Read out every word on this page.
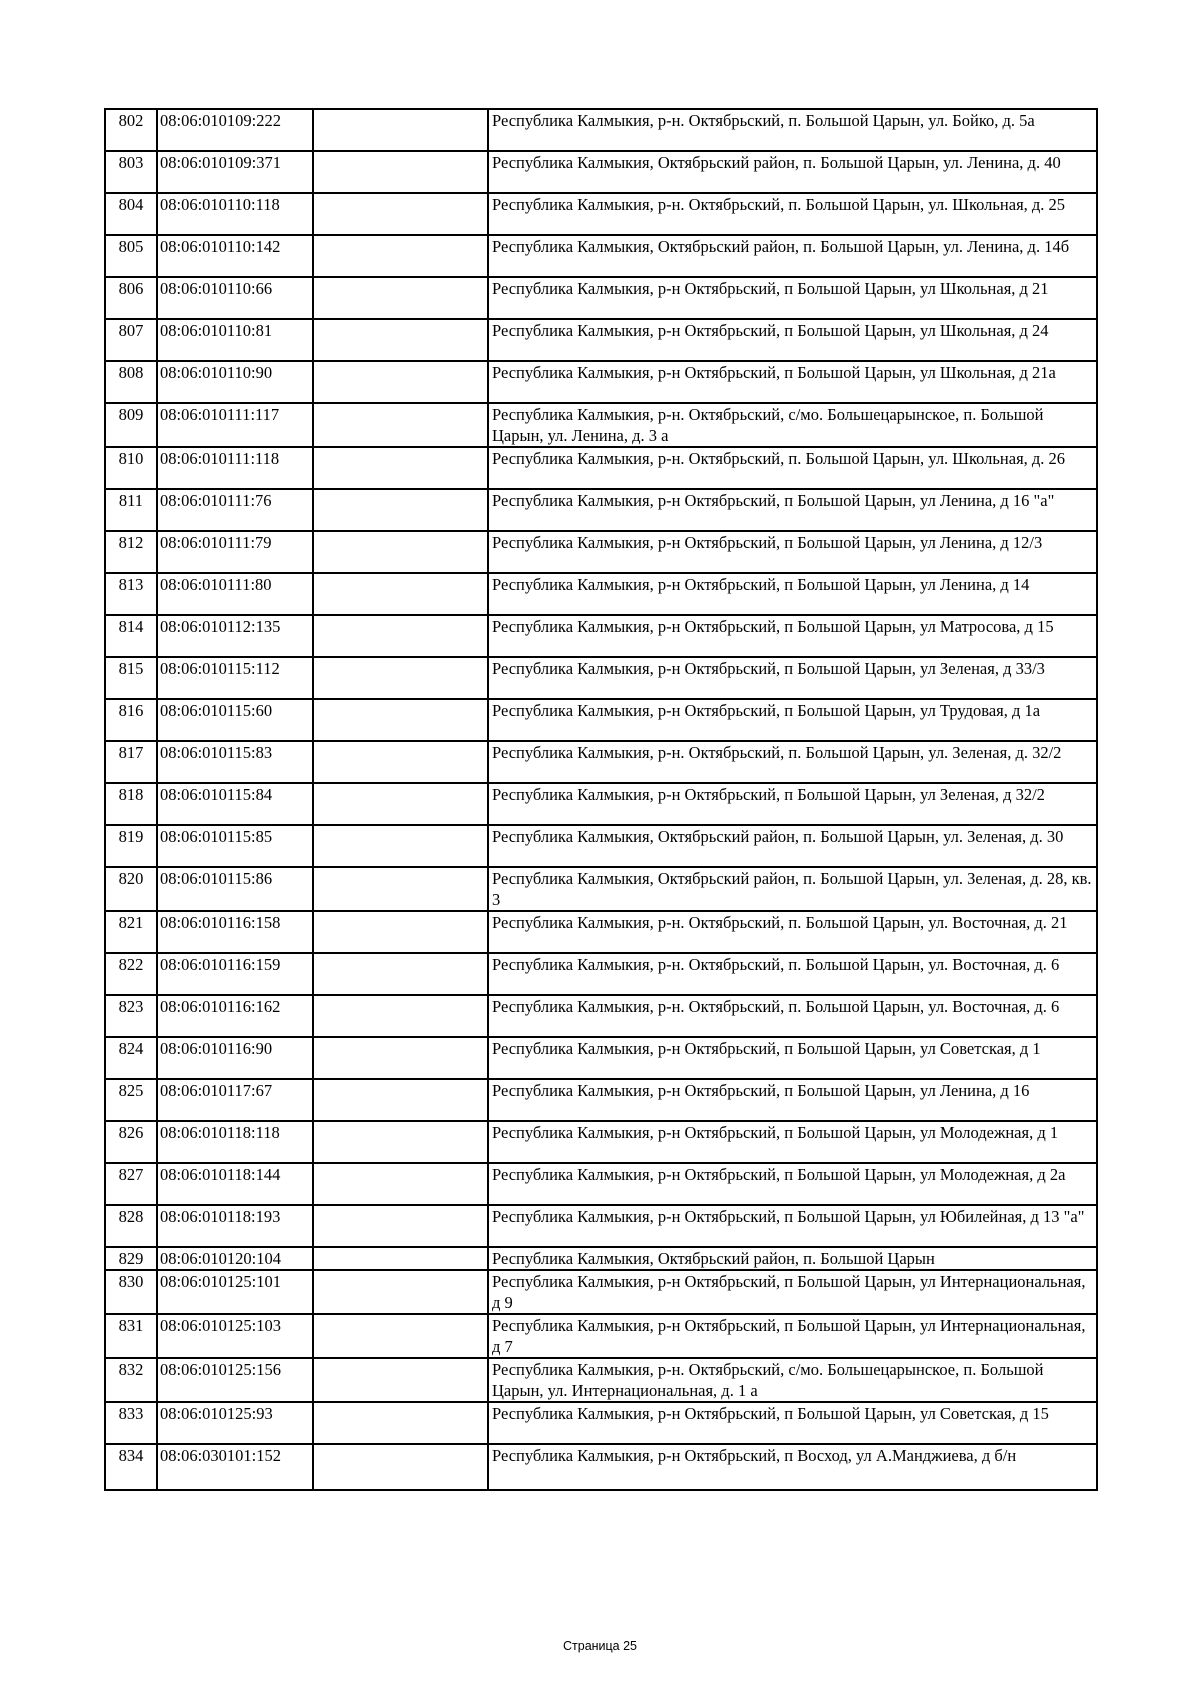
802	08:06:010109:222		Республика Калмыкия, р-н. Октябрьский, п. Большой Царын, ул. Бойко, д. 5а
803	08:06:010109:371		Республика Калмыкия, Октябрьский район, п. Большой Царын, ул. Ленина, д. 40
804	08:06:010110:118		Республика Калмыкия, р-н. Октябрьский, п. Большой Царын, ул. Школьная, д. 25
805	08:06:010110:142		Республика Калмыкия, Октябрьский район, п. Большой Царын, ул. Ленина, д. 14б
806	08:06:010110:66		Республика Калмыкия, р-н Октябрьский, п Большой Царын, ул Школьная, д 21
807	08:06:010110:81		Республика Калмыкия, р-н Октябрьский, п Большой Царын, ул Школьная, д 24
808	08:06:010110:90		Республика Калмыкия, р-н Октябрьский, п Большой Царын, ул Школьная, д 21а
809	08:06:010111:117		Республика Калмыкия, р-н. Октябрьский, с/мо. Большецарынское, п. Большой Царын, ул. Ленина, д. 3 а
810	08:06:010111:118		Республика Калмыкия, р-н. Октябрьский, п. Большой Царын, ул. Школьная, д. 26
811	08:06:010111:76		Республика Калмыкия, р-н Октябрьский, п Большой Царын, ул Ленина, д 16 "а"
812	08:06:010111:79		Республика Калмыкия, р-н Октябрьский, п Большой Царын, ул Ленина, д 12/3
813	08:06:010111:80		Республика Калмыкия, р-н Октябрьский, п Большой Царын, ул Ленина, д 14
814	08:06:010112:135		Республика Калмыкия, р-н Октябрьский, п Большой Царын, ул Матросова, д 15
815	08:06:010115:112		Республика Калмыкия, р-н Октябрьский, п Большой Царын, ул Зеленая, д 33/3
816	08:06:010115:60		Республика Калмыкия, р-н Октябрьский, п Большой Царын, ул Трудовая, д 1а
817	08:06:010115:83		Республика Калмыкия, р-н. Октябрьский, п. Большой Царын, ул. Зеленая, д. 32/2
818	08:06:010115:84		Республика Калмыкия, р-н Октябрьский, п Большой Царын, ул Зеленая, д 32/2
819	08:06:010115:85		Республика Калмыкия, Октябрьский район, п. Большой Царын, ул. Зеленая, д. 30
820	08:06:010115:86		Республика Калмыкия, Октябрьский район, п. Большой Царын, ул. Зеленая, д. 28, кв. 3
821	08:06:010116:158		Республика Калмыкия, р-н. Октябрьский, п. Большой Царын, ул. Восточная, д. 21
822	08:06:010116:159		Республика Калмыкия, р-н. Октябрьский, п. Большой Царын, ул. Восточная, д. 6
823	08:06:010116:162		Республика Калмыкия, р-н. Октябрьский, п. Большой Царын, ул. Восточная, д. 6
824	08:06:010116:90		Республика Калмыкия, р-н Октябрьский, п Большой Царын, ул Советская, д 1
825	08:06:010117:67		Республика Калмыкия, р-н Октябрьский, п Большой Царын, ул Ленина, д 16
826	08:06:010118:118		Республика Калмыкия, р-н Октябрьский, п Большой Царын, ул Молодежная, д 1
827	08:06:010118:144		Республика Калмыкия, р-н Октябрьский, п Большой Царын, ул Молодежная, д 2а
828	08:06:010118:193		Республика Калмыкия, р-н Октябрьский, п Большой Царын, ул Юбилейная, д 13 "а"
829	08:06:010120:104		Республика Калмыкия, Октябрьский район, п. Большой Царын
830	08:06:010125:101		Республика Калмыкия, р-н Октябрьский, п Большой Царын, ул Интернациональная, д 9
831	08:06:010125:103		Республика Калмыкия, р-н Октябрьский, п Большой Царын, ул Интернациональная, д 7
832	08:06:010125:156		Республика Калмыкия, р-н. Октябрьский, с/мо. Большецарынское, п. Большой Царын, ул. Интернациональная, д. 1 а
833	08:06:010125:93		Республика Калмыкия, р-н Октябрьский, п Большой Царын, ул Советская, д 15
834	08:06:030101:152		Республика Калмыкия, р-н Октябрьский, п Восход, ул А.Манджиева, д б/н
Страница 25
